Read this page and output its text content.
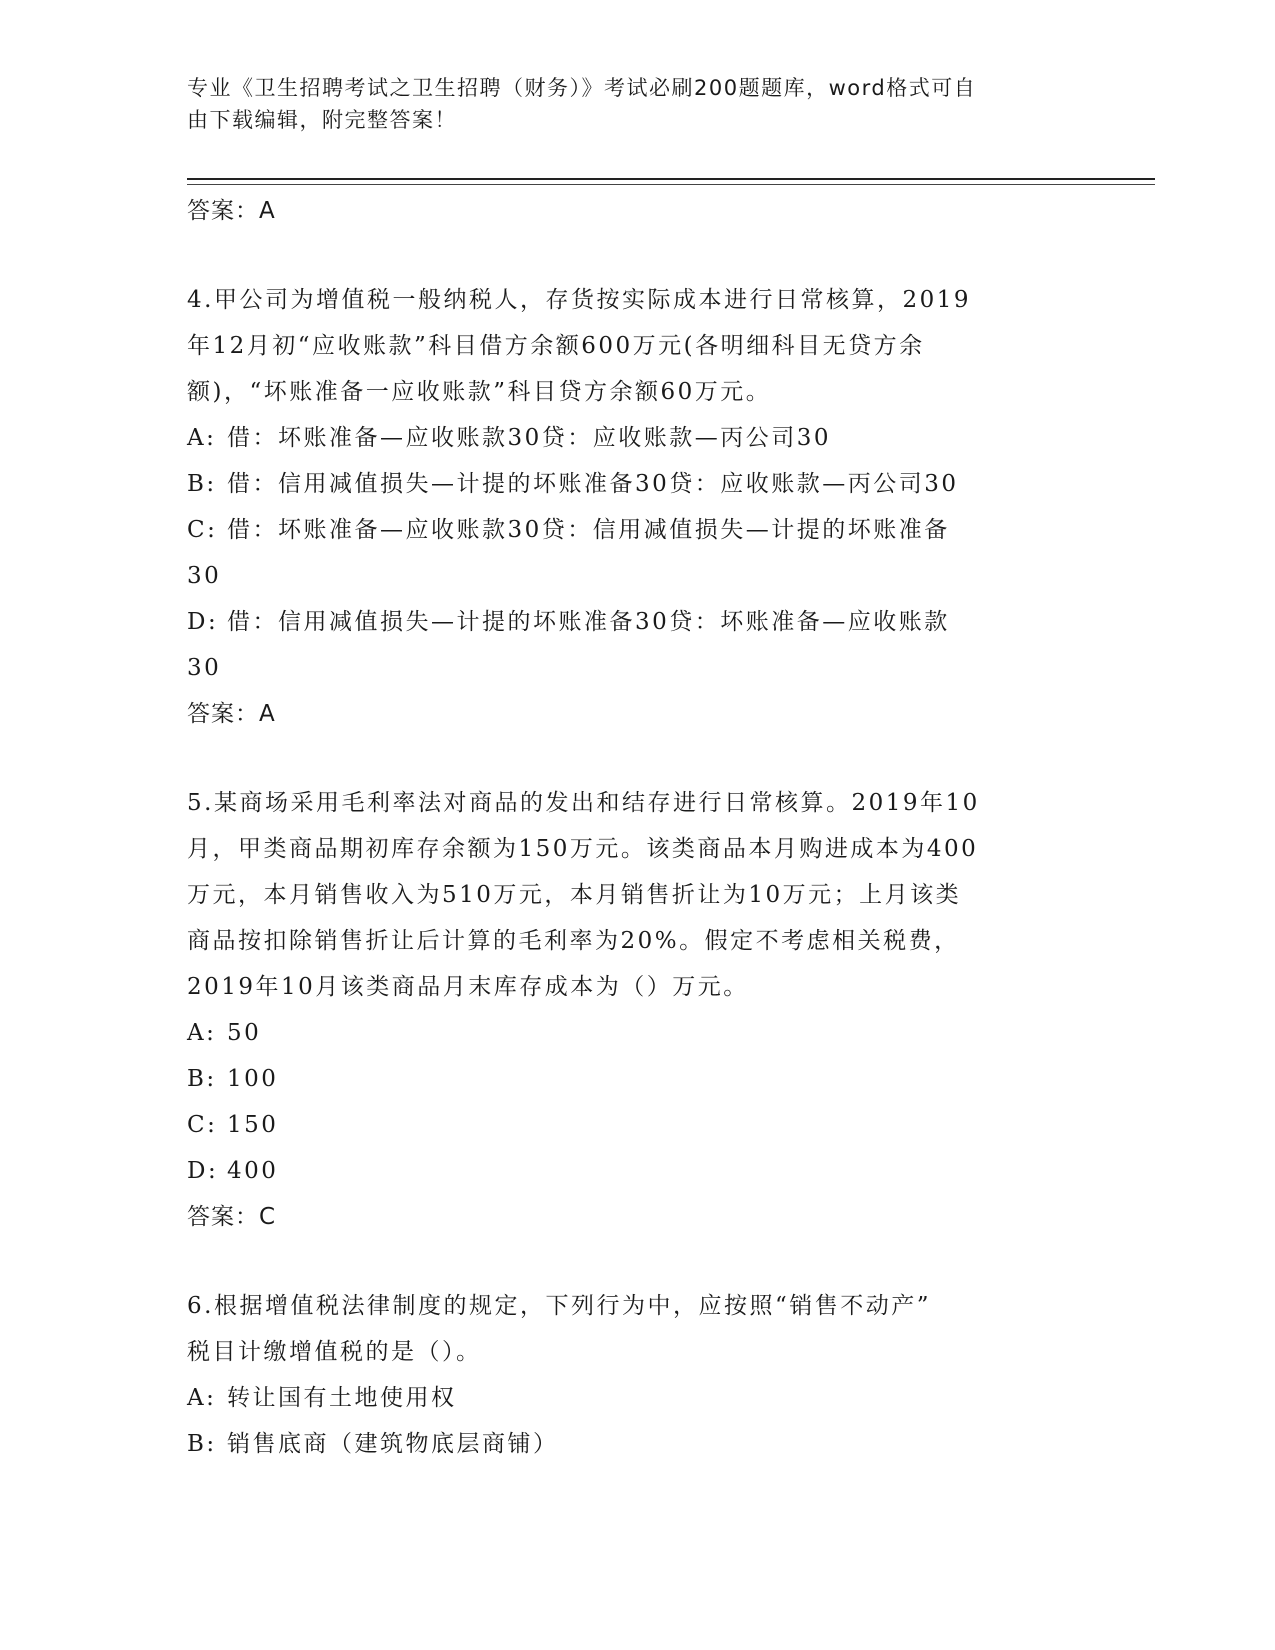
专业《卫生招聘考试之卫生招聘（财务）》考试必刷200题题库，word格式可自
由下载编辑，附完整答案！
答案：A

4.甲公司为增值税一般纳税人，存货按实际成本进行日常核算，2019

年12月初“应收账款”科目借方余额600万元(各明细科目无贷方余

额)，“坏账准备一应收账款”科目贷方余额60万元。

A: 借：坏账准备—应收账款30贷：应收账款—丙公司30

B: 借：信用减值损失—计提的坏账准备30贷：应收账款—丙公司30

C: 借：坏账准备—应收账款30贷：信用减值损失—计提的坏账准备

30

D: 借：信用减值损失—计提的坏账准备30贷：坏账准备—应收账款

30

答案：A

5.某商场采用毛利率法对商品的发出和结存进行日常核算。2019年10

月，甲类商品期初库存余额为150万元。该类商品本月购进成本为400

万元，本月销售收入为510万元，本月销售折让为10万元；上月该类

商品按扣除销售折让后计算的毛利率为20%。假定不考虑相关税费，

2019年10月该类商品月末库存成本为（）万元。

A: 50

B: 100

C: 150

D: 400

答案：C

6.根据增值税法律制度的规定，下列行为中，应按照“销售不动产”

税目计缴增值税的是（）。

A: 转让国有土地使用权

B: 销售底商（建筑物底层商铺）
